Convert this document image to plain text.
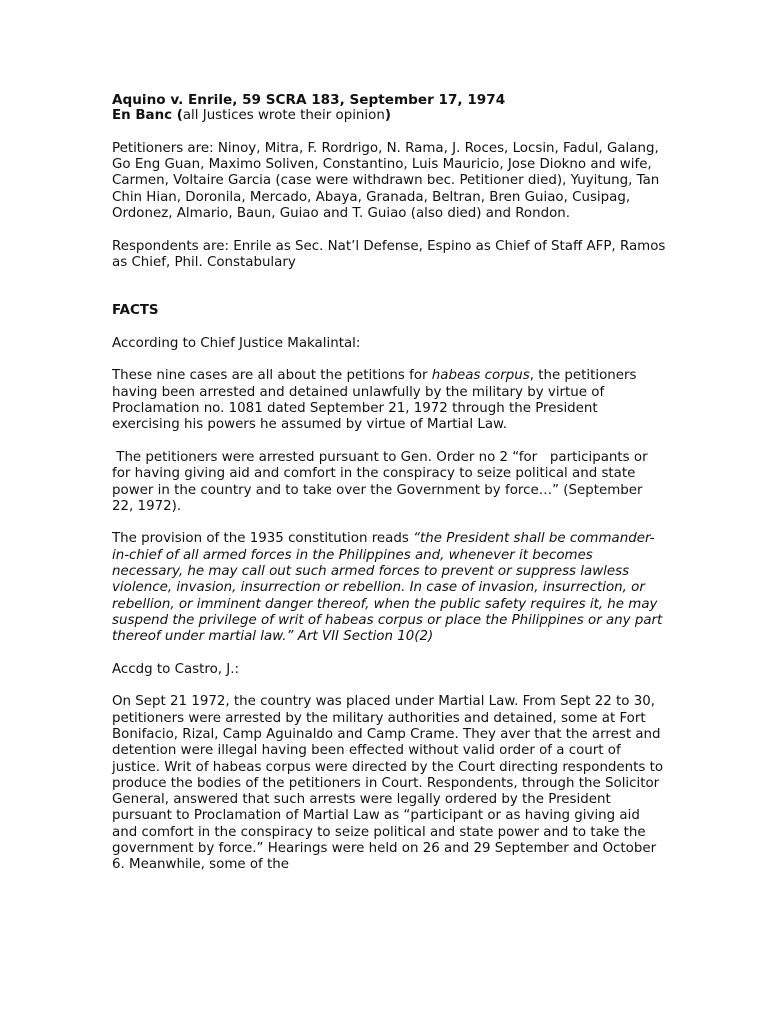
Aquino v. Enrile, 59 SCRA 183, September 17, 1974
En Banc (all Justices wrote their opinion)

Petitioners are: Ninoy, Mitra, F. Rordrigo, N. Rama, J. Roces, Locsin, Fadul, Galang, Go Eng Guan, Maximo Soliven, Constantino, Luis Mauricio, Jose Diokno and wife, Carmen, Voltaire Garcia (case were withdrawn bec. Petitioner died), Yuyitung, Tan Chin Hian, Doronila, Mercado, Abaya, Granada, Beltran, Bren Guiao, Cusipag, Ordonez, Almario, Baun, Guiao and T. Guiao (also died) and Rondon.

Respondents are: Enrile as Sec. Nat’l Defense, Espino as Chief of Staff AFP, Ramos as Chief, Phil. Constabulary

FACTS

According to Chief Justice Makalintal:

These nine cases are all about the petitions for habeas corpus, the petitioners having been arrested and detained unlawfully by the military by virtue of Proclamation no. 1081 dated September 21, 1972 through the President exercising his powers he assumed by virtue of Martial Law.

The petitioners were arrested pursuant to Gen. Order no 2 “for   participants or for having giving aid and comfort in the conspiracy to seize political and state power in the country and to take over the Government by force…” (September 22, 1972).

The provision of the 1935 constitution reads “the President shall be commander-in-chief of all armed forces in the Philippines and, whenever it becomes necessary, he may call out such armed forces to prevent or suppress lawless violence, invasion, insurrection or rebellion. In case of invasion, insurrection, or rebellion, or imminent danger thereof, when the public safety requires it, he may suspend the privilege of writ of habeas corpus or place the Philippines or any part thereof under martial law.” Art VII Section 10(2)

Accdg to Castro, J.:

On Sept 21 1972, the country was placed under Martial Law. From Sept 22 to 30, petitioners were arrested by the military authorities and detained, some at Fort Bonifacio, Rizal, Camp Aguinaldo and Camp Crame. They aver that the arrest and detention were illegal having been effected without valid order of a court of justice. Writ of habeas corpus were directed by the Court directing respondents to produce the bodies of the petitioners in Court. Respondents, through the Solicitor General, answered that such arrests were legally ordered by the President pursuant to Proclamation of Martial Law as “participant or as having giving aid and comfort in the conspiracy to seize political and state power and to take the government by force.” Hearings were held on 26 and 29 September and October 6. Meanwhile, some of the
